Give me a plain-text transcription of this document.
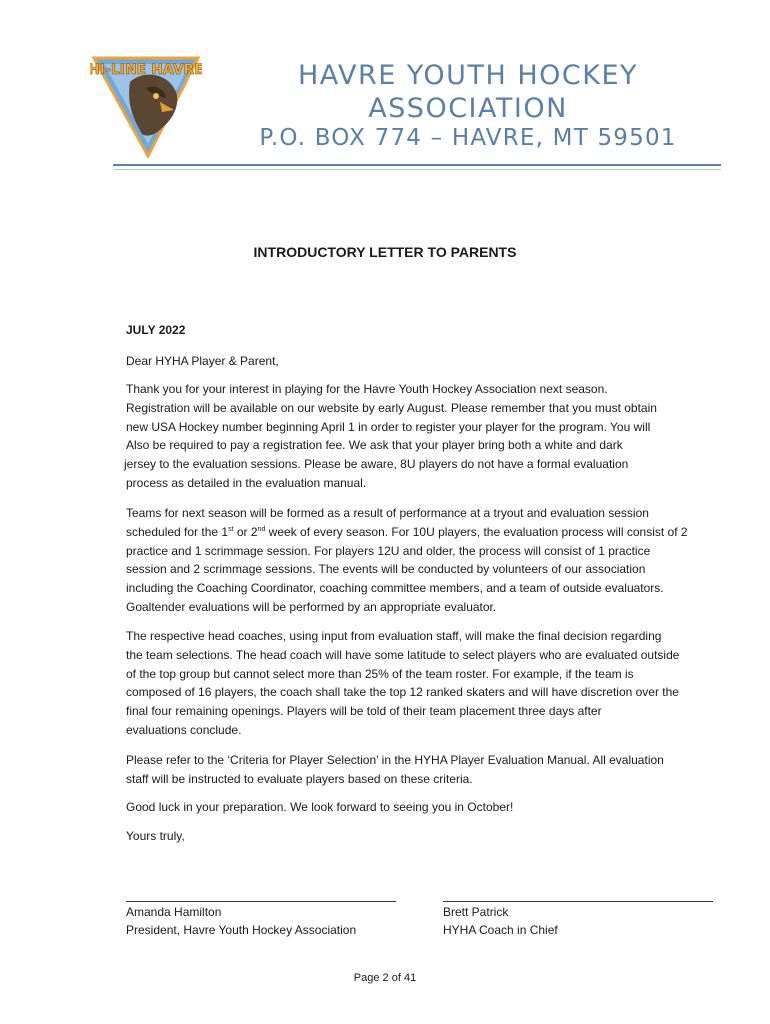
HI-LINE HAVRE	HAVRE YOUTH HOCKEY
ASSOCIATION
P.O. BOX 774 – HAVRE, MT 59501
INTRODUCTORY LETTER TO PARENTS
JULY 2022
Dear HYHA Player & Parent,

Thank you for your interest in playing for the Havre Youth Hockey Association next season.
Registration will be available on our website by early August. Please remember that you must obtain
new USA Hockey number beginning April 1 in order to register your player for the program. You will
Also be required to pay a registration fee. We ask that your player bring both a white and dark
jersey to the evaluation sessions. Please be aware, 8U players do not have a formal evaluation
process as detailed in the evaluation manual.

Teams for next season will be formed as a result of performance at a tryout and evaluation session
scheduled for the 1st or 2nd week of every season. For 10U players, the evaluation process will consist of 2
practice and 1 scrimmage session. For players 12U and older, the process will consist of 1 practice
session and 2 scrimmage sessions. The events will be conducted by volunteers of our association
including the Coaching Coordinator, coaching committee members, and a team of outside evaluators.
Goaltender evaluations will be performed by an appropriate evaluator.

The respective head coaches, using input from evaluation staff, will make the final decision regarding
the team selections. The head coach will have some latitude to select players who are evaluated outside
of the top group but cannot select more than 25% of the team roster. For example, if the team is
composed of 16 players, the coach shall take the top 12 ranked skaters and will have discretion over the
final four remaining openings. Players will be told of their team placement three days after
evaluations conclude.

Please refer to the ‘Criteria for Player Selection’ in the HYHA Player Evaluation Manual. All evaluation
staff will be instructed to evaluate players based on these criteria.

Good luck in your preparation. We look forward to seeing you in October!
Yours truly,
Amanda Hamilton
President, Havre Youth Hockey Association
Brett Patrick
HYHA Coach in Chief
Page 2 of 41
